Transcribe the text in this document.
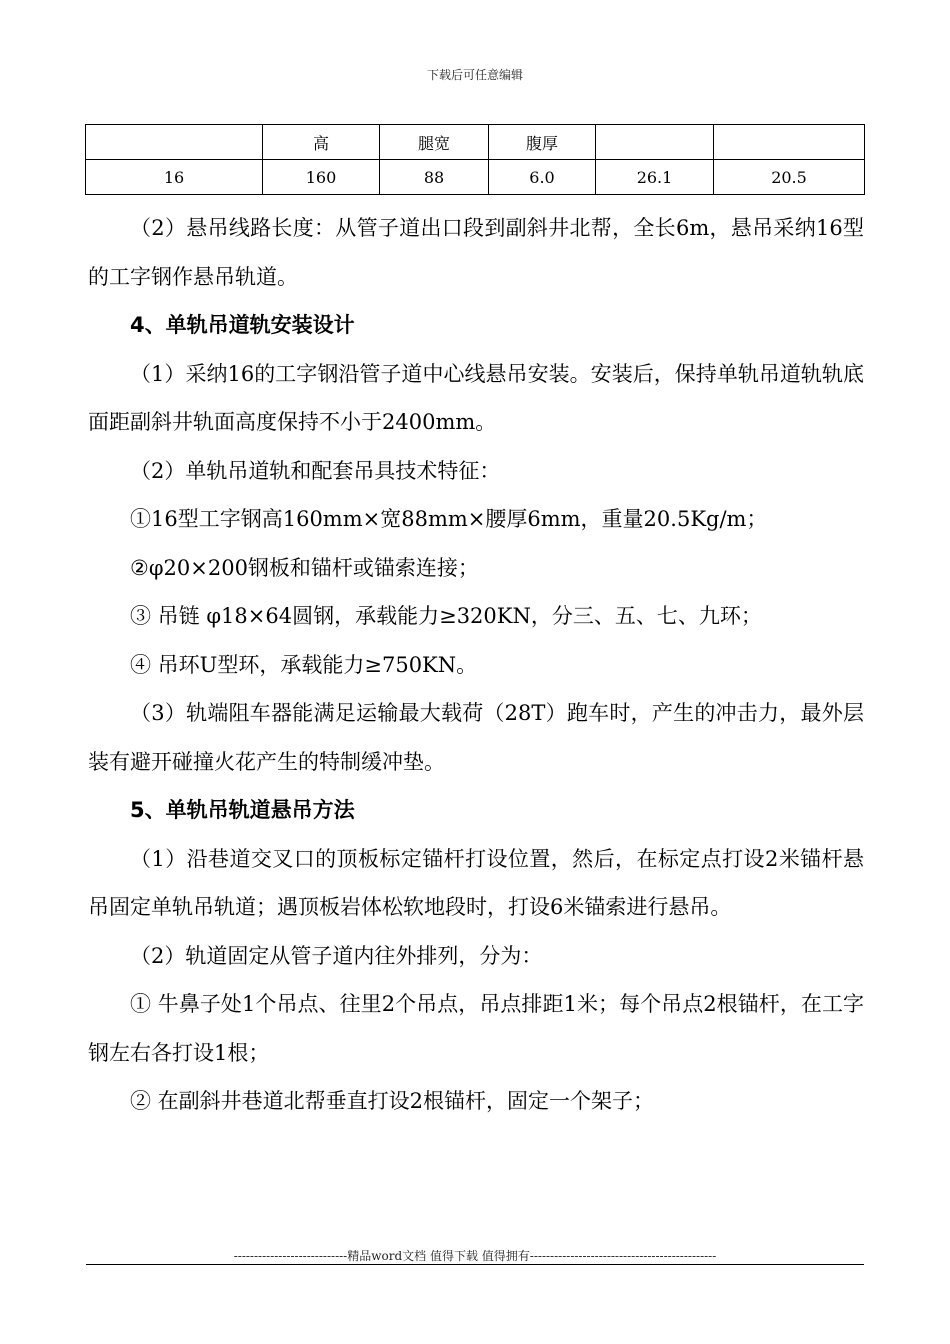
下载后可任意编辑
	高	腿宽	腹厚		
16	160	88	6.0	26.1	20.5

（2）悬吊线路长度：从管子道出口段到副斜井北帮，全长6m，悬吊采纳16型的工字钢作悬吊轨道。

4、单轨吊道轨安装设计

（1）采纳16的工字钢沿管子道中心线悬吊安装。安装后，保持单轨吊道轨轨底面距副斜井轨面高度保持不小于2400mm。

（2）单轨吊道轨和配套吊具技术特征：

①16型工字钢高160mm×宽88mm×腰厚6mm，重量20.5Kg/m；

②φ20×200钢板和锚杆或锚索连接；

③ 吊链 φ18×64圆钢，承载能力≥320KN，分三、五、七、九环；

④ 吊环U型环，承载能力≥750KN。

（3）轨端阻车器能满足运输最大载荷（28T）跑车时，产生的冲击力，最外层装有避开碰撞火花产生的特制缓冲垫。

5、单轨吊轨道悬吊方法

（1）沿巷道交叉口的顶板标定锚杆打设位置，然后，在标定点打设2米锚杆悬吊固定单轨吊轨道；遇顶板岩体松软地段时，打设6米锚索进行悬吊。

（2）轨道固定从管子道内往外排列，分为：

① 牛鼻子处1个吊点、往里2个吊点，吊点排距1米；每个吊点2根锚杆，在工字钢左右各打设1根；

② 在副斜井巷道北帮垂直打设2根锚杆，固定一个架子；

----------------------------精品word文档 值得下载 值得拥有----------------------------------------------
